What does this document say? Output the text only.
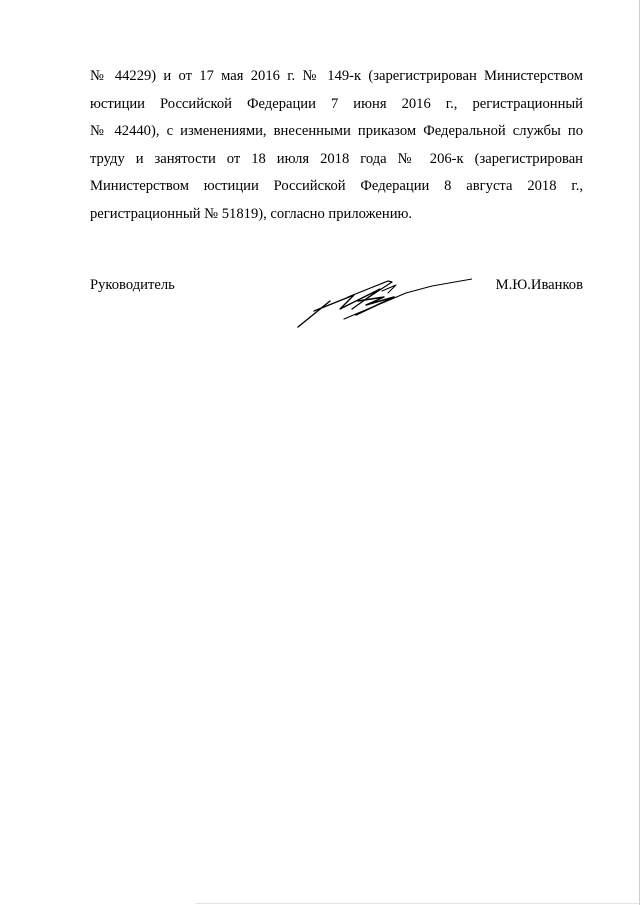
№ 44229) и от 17 мая 2016 г. № 149-к (зарегистрирован Министерством
юстиции Российской Федерации 7 июня 2016 г., регистрационный
№ 42440), с изменениями, внесенными приказом Федеральной службы по
труду и занятости от 18 июля 2018 года № 206-к (зарегистрирован
Министерством юстиции Российской Федерации 8 августа 2018 г.,
регистрационный № 51819), согласно приложению.

Руководитель	М.Ю.Иванков
